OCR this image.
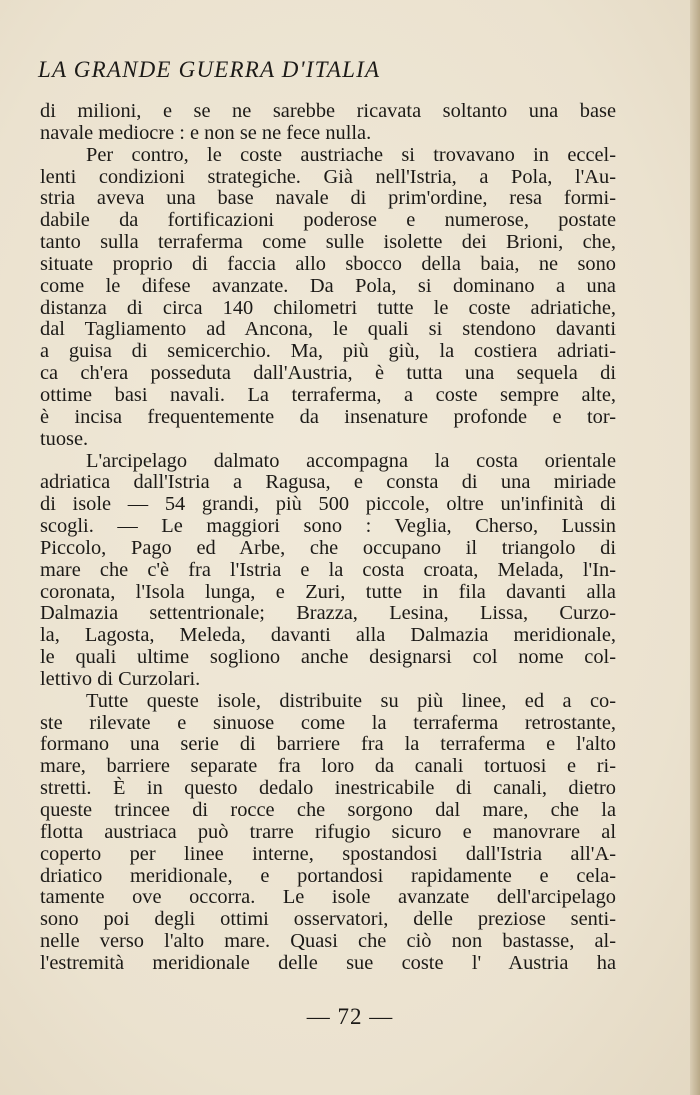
LA GRANDE GUERRA D'ITALIA
di milioni, e se ne sarebbe ricavata soltanto una base
navale mediocre : e non se ne fece nulla.
Per contro, le coste austriache si trovavano in eccel-
lenti condizioni strategiche. Già nell'Istria, a Pola, l'Au-
stria aveva una base navale di prim'ordine, resa formi-
dabile da fortificazioni poderose e numerose, postate
tanto sulla terraferma come sulle isolette dei Brioni, che,
situate proprio di faccia allo sbocco della baia, ne sono
come le difese avanzate. Da Pola, si dominano a una
distanza di circa 140 chilometri tutte le coste adriatiche,
dal Tagliamento ad Ancona, le quali si stendono davanti
a guisa di semicerchio. Ma, più giù, la costiera adriati-
ca ch'era posseduta dall'Austria, è tutta una sequela di
ottime basi navali. La terraferma, a coste sempre alte,
è incisa frequentemente da insenature profonde e tor-
tuose.
L'arcipelago dalmato accompagna la costa orientale
adriatica dall'Istria a Ragusa, e consta di una miriade
di isole — 54 grandi, più 500 piccole, oltre un'infinità di
scogli. — Le maggiori sono : Veglia, Cherso, Lussin
Piccolo, Pago ed Arbe, che occupano il triangolo di
mare che c'è fra l'Istria e la costa croata, Melada, l'In-
coronata, l'Isola lunga, e Zuri, tutte in fila davanti alla
Dalmazia settentrionale; Brazza, Lesina, Lissa, Curzo-
la, Lagosta, Meleda, davanti alla Dalmazia meridionale,
le quali ultime sogliono anche designarsi col nome col-
lettivo di Curzolari.
Tutte queste isole, distribuite su più linee, ed a co-
ste rilevate e sinuose come la terraferma retrostante,
formano una serie di barriere fra la terraferma e l'alto
mare, barriere separate fra loro da canali tortuosi e ri-
stretti. È in questo dedalo inestricabile di canali, dietro
queste trincee di rocce che sorgono dal mare, che la
flotta austriaca può trarre rifugio sicuro e manovrare al
coperto per linee interne, spostandosi dall'Istria all'A-
driatico meridionale, e portandosi rapidamente e cela-
tamente ove occorra. Le isole avanzate dell'arcipelago
sono poi degli ottimi osservatori, delle preziose senti-
nelle verso l'alto mare. Quasi che ciò non bastasse, al-
l'estremità meridionale delle sue coste l' Austria ha
— 72 —
